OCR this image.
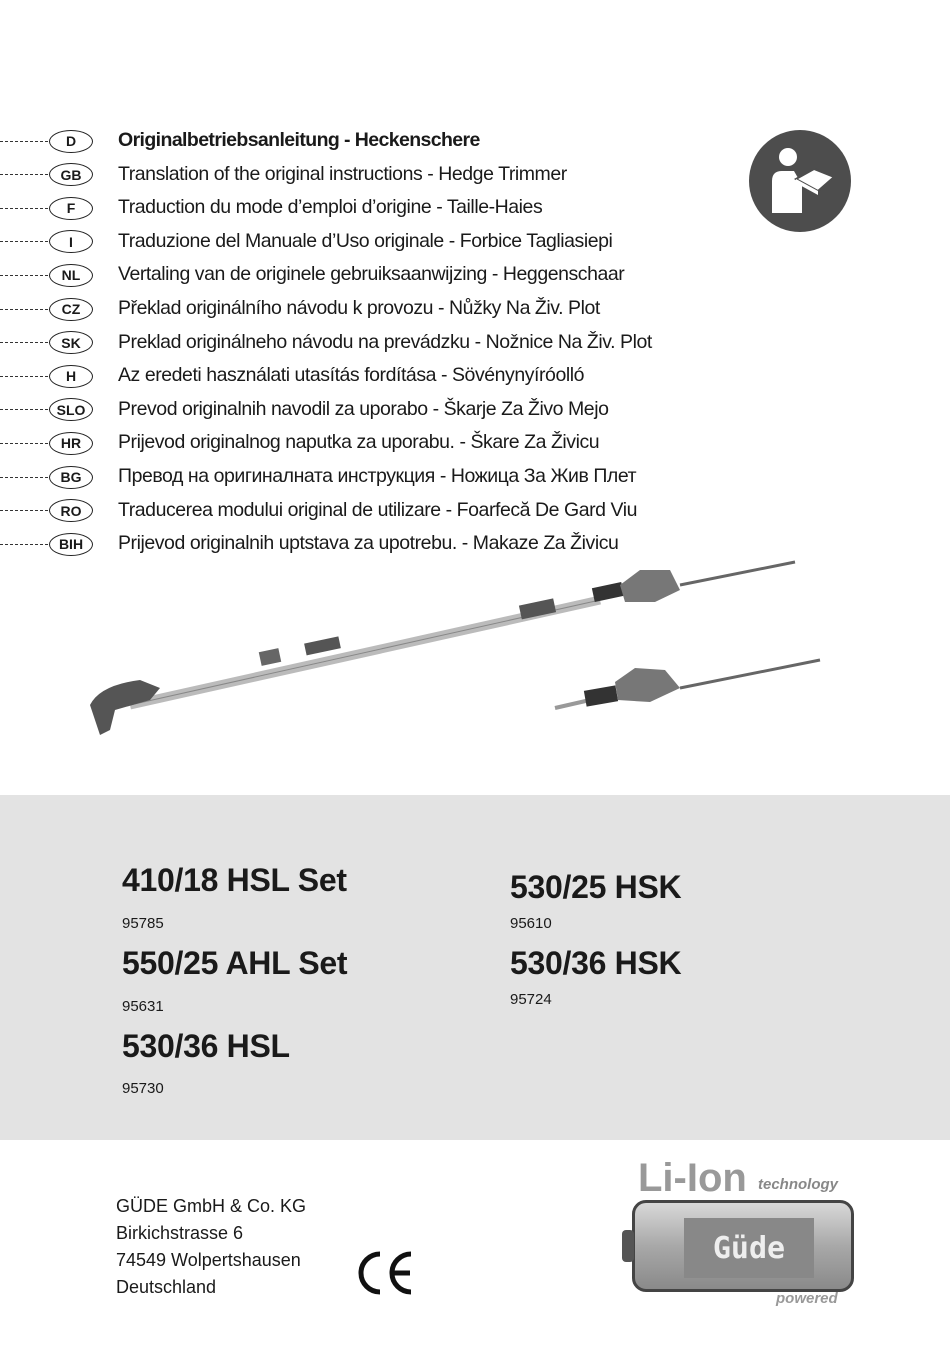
D	Originalbetriebsanleitung - Heckenschere
GB	Translation of the original instructions - Hedge Trimmer
F	Traduction du mode d’emploi d’origine - Taille-Haies
I	Traduzione del Manuale d’Uso originale - Forbice Tagliasiepi
NL	Vertaling van de originele gebruiksaanwijzing - Heggenschaar
CZ	Překlad originálního návodu k provozu - Nůžky Na Živ. Plot
SK	Preklad originálneho návodu na prevádzku - Nožnice Na Živ. Plot
H	Az eredeti használati utasítás fordítása - Sövénynyíróolló
SLO	Prevod originalnih navodil za uporabo - Škarje Za Živo Mejo
HR	Prijevod originalnog naputka za uporabu. - Škare Za Živicu
BG	Превод на оригиналната инструкция - Ножица За Жив Плет
RO	Traducerea modului original de utilizare - Foarfecă De Gard Viu
BIH	Prijevod originalnih uptstava za upotrebu. - Makaze Za Živicu
410/18 HSL Set
95785
550/25 AHL Set
95631
530/36 HSL
95730
530/25 HSK
95610
530/36 HSK
95724
GÜDE GmbH & Co. KG
Birkichstrasse 6
74549 Wolpertshausen
Deutschland
Li-Ion technology
Güde
powered
